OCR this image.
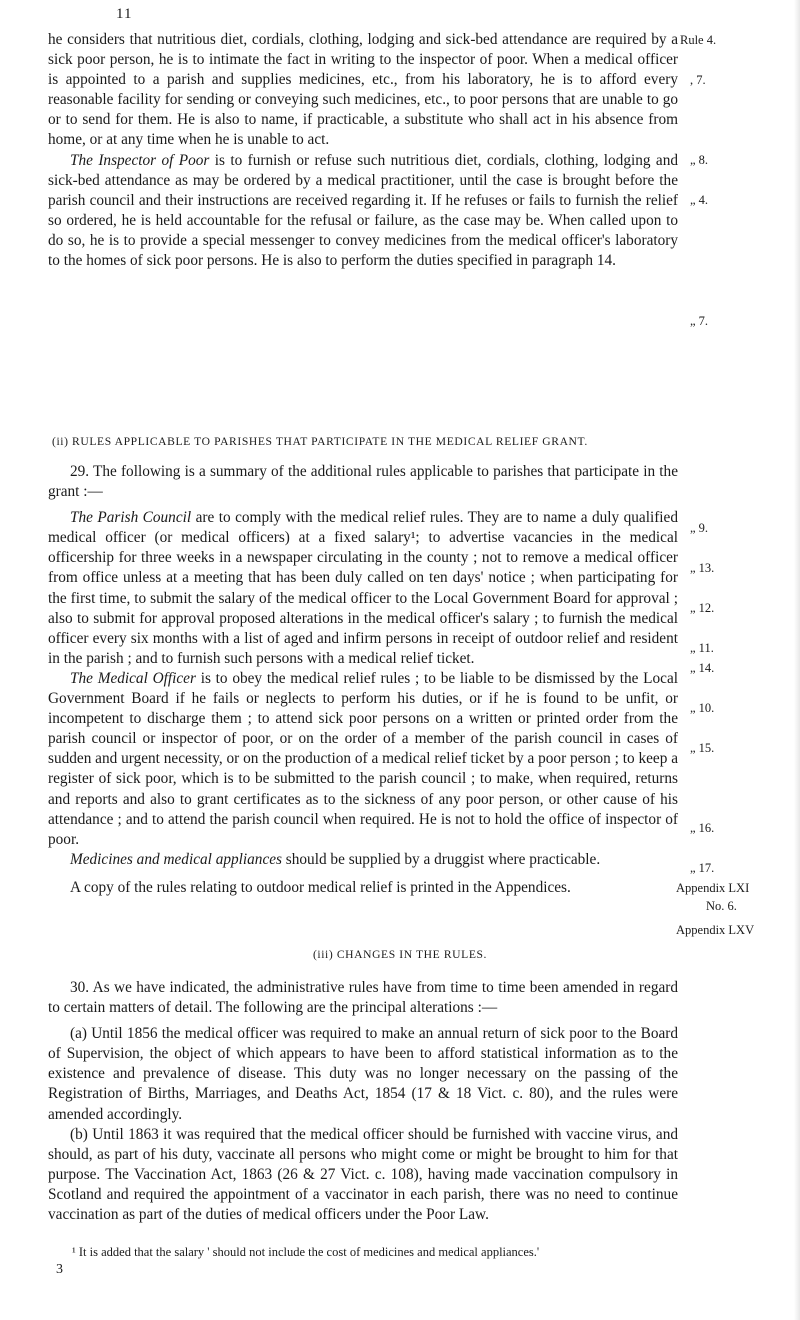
11

he considers that nutritious diet, cordials, clothing, lodging and sick-bed attendance are required by a sick poor person, he is to intimate the fact in writing to the inspector of poor. When a medical officer is appointed to a parish and supplies medicines, etc., from his laboratory, he is to afford every reasonable facility for sending or conveying such medicines, etc., to poor persons that are unable to go or to send for them. He is also to name, if practicable, a substitute who shall act in his absence from home, or at any time when he is unable to act.

The Inspector of Poor is to furnish or refuse such nutritious diet, cordials, clothing, lodging and sick-bed attendance as may be ordered by a medical practitioner, until the case is brought before the parish council and their instructions are received regarding it. If he refuses or fails to furnish the relief so ordered, he is held accountable for the refusal or failure, as the case may be. When called upon to do so, he is to provide a special messenger to convey medicines from the medical officer's laboratory to the homes of sick poor persons. He is also to perform the duties specified in paragraph 14.

(ii) RULES APPLICABLE TO PARISHES THAT PARTICIPATE IN THE MEDICAL RELIEF GRANT.

29. The following is a summary of the additional rules applicable to parishes that participate in the grant :—

The Parish Council are to comply with the medical relief rules. They are to name a duly qualified medical officer (or medical officers) at a fixed salary¹; to advertise vacancies in the medical officership for three weeks in a newspaper circulating in the county ; not to remove a medical officer from office unless at a meeting that has been duly called on ten days' notice ; when participating for the first time, to submit the salary of the medical officer to the Local Government Board for approval ; also to submit for approval proposed alterations in the medical officer's salary ; to furnish the medical officer every six months with a list of aged and infirm persons in receipt of outdoor relief and resident in the parish ; and to furnish such persons with a medical relief ticket.

The Medical Officer is to obey the medical relief rules ; to be liable to be dismissed by the Local Government Board if he fails or neglects to perform his duties, or if he is found to be unfit, or incompetent to discharge them ; to attend sick poor persons on a written or printed order from the parish council or inspector of poor, or on the order of a member of the parish council in cases of sudden and urgent necessity, or on the production of a medical relief ticket by a poor person ; to keep a register of sick poor, which is to be submitted to the parish council ; to make, when required, returns and reports and also to grant certificates as to the sickness of any poor person, or other cause of his attendance ; and to attend the parish council when required. He is not to hold the office of inspector of poor.

Medicines and medical appliances should be supplied by a druggist where practicable.

A copy of the rules relating to outdoor medical relief is printed in the Appendices.

(iii) CHANGES IN THE RULES.

30. As we have indicated, the administrative rules have from time to time been amended in regard to certain matters of detail. The following are the principal alterations :—

(a) Until 1856 the medical officer was required to make an annual return of sick poor to the Board of Supervision, the object of which appears to have been to afford statistical information as to the existence and prevalence of disease. This duty was no longer necessary on the passing of the Registration of Births, Marriages, and Deaths Act, 1854 (17 & 18 Vict. c. 80), and the rules were amended accordingly.

(b) Until 1863 it was required that the medical officer should be furnished with vaccine virus, and should, as part of his duty, vaccinate all persons who might come or might be brought to him for that purpose. The Vaccination Act, 1863 (26 & 27 Vict. c. 108), having made vaccination compulsory in Scotland and required the appointment of a vaccinator in each parish, there was no need to continue vaccination as part of the duties of medical officers under the Poor Law.

¹ It is added that the salary ' should not include the cost of medicines and medical appliances.'
3
Rule 4.
, 7.
„ 8.
„ 4.
„ 7.
„ 9.
„ 13.
„ 12.
„ 11.
„ 14.
„ 10.
„ 15.
„ 16.
„ 17.
Appendix LXI
No. 6.
Appendix LXV
